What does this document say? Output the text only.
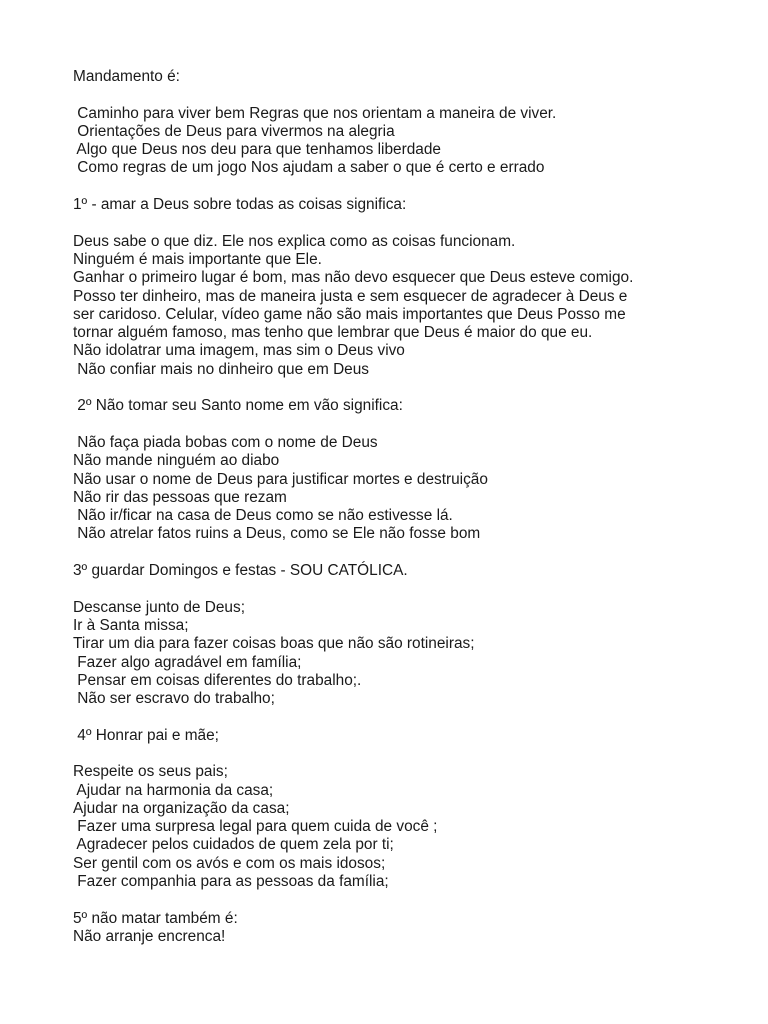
Mandamento é:
Caminho para viver bem Regras que nos orientam a maneira de viver.
Orientações de Deus para vivermos na alegria
Algo que Deus nos deu para que tenhamos liberdade
Como regras de um jogo Nos ajudam a saber o que é certo e errado
1º - amar a Deus sobre todas as coisas significa:
Deus sabe o que diz. Ele nos explica como as coisas funcionam.
Ninguém é mais importante que Ele.
Ganhar o primeiro lugar é bom, mas não devo esquecer que Deus esteve comigo.
Posso ter dinheiro, mas de maneira justa e sem esquecer de agradecer à Deus e
ser caridoso. Celular, vídeo game não são mais importantes que Deus Posso me
tornar alguém famoso, mas tenho que lembrar que Deus é maior do que eu.
Não idolatrar uma imagem, mas sim o Deus vivo
Não confiar mais no dinheiro que em Deus
2º Não tomar seu Santo nome em vão significa:
Não faça piada bobas com o nome de Deus
Não mande ninguém ao diabo
Não usar o nome de Deus para justificar mortes e destruição
Não rir das pessoas que rezam
Não ir/ficar na casa de Deus como se não estivesse lá.
Não atrelar fatos ruins a Deus, como se Ele não fosse bom
3º guardar Domingos e festas - SOU CATÓLICA.
Descanse junto de Deus;
Ir à Santa missa;
Tirar um dia para fazer coisas boas que não são rotineiras;
Fazer algo agradável em família;
Pensar em coisas diferentes do trabalho;.
Não ser escravo do trabalho;
4º Honrar pai e mãe;
Respeite os seus pais;
Ajudar na harmonia da casa;
Ajudar na organização da casa;
Fazer uma surpresa legal para quem cuida de você ;
Agradecer pelos cuidados de quem zela por ti;
Ser gentil com os avós e com os mais idosos;
Fazer companhia para as pessoas da família;
5º não matar também é:
Não arranje encrenca!
